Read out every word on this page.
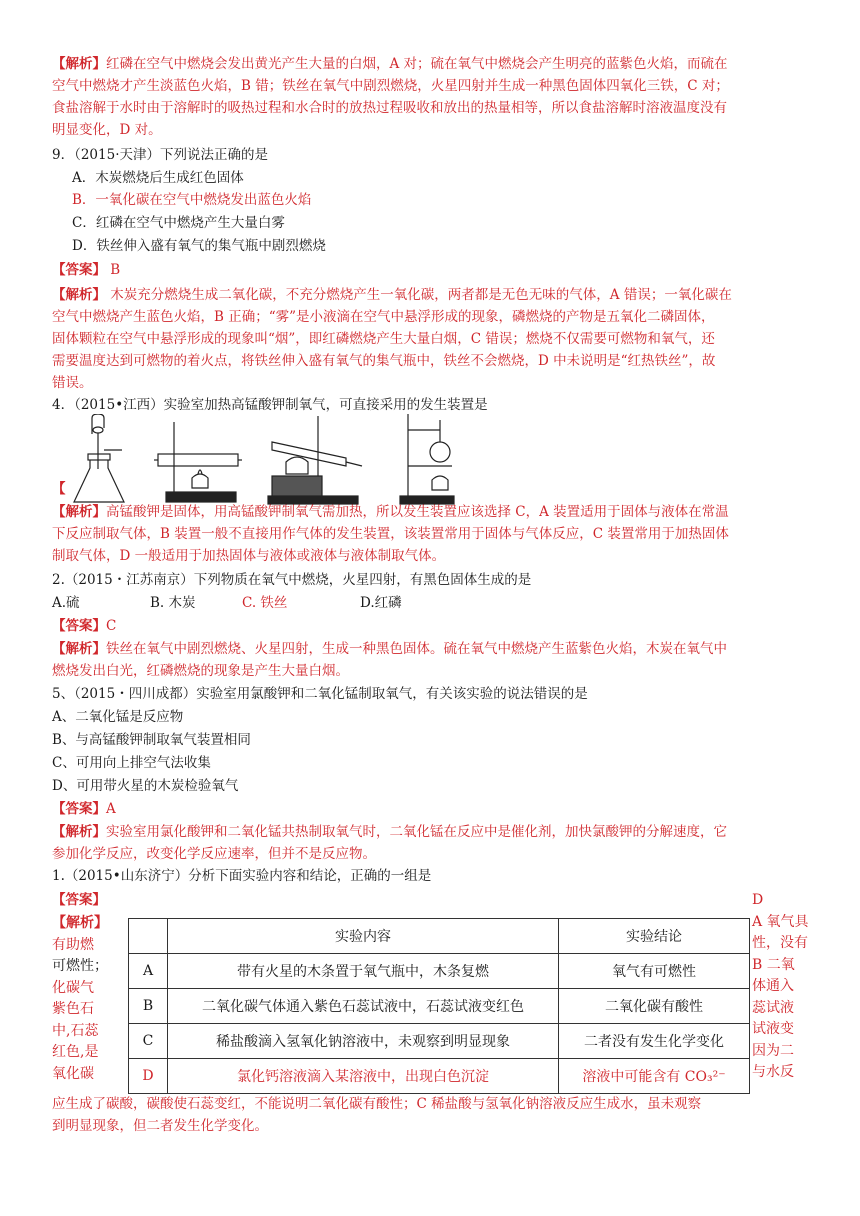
【解析】红磷在空气中燃烧会发出黄光产生大量的白烟，A 对；硫在氧气中燃烧会产生明亮的蓝紫色火焰，而硫在
空气中燃烧才产生淡蓝色火焰，B 错；铁丝在氧气中剧烈燃烧，火星四射并生成一种黑色固体四氧化三铁，C 对；
食盐溶解于水时由于溶解时的吸热过程和水合时的放热过程吸收和放出的热量相等，所以食盐溶解时溶液温度没有
明显变化，D 对。
9．（2015·天津）下列说法正确的是
A．木炭燃烧后生成红色固体
B．一氧化碳在空气中燃烧发出蓝色火焰
C．红磷在空气中燃烧产生大量白雾
D．铁丝伸入盛有氧气的集气瓶中剧烈燃烧
【答案】 B
【解析】 木炭充分燃烧生成二氧化碳，不充分燃烧产生一氧化碳，两者都是无色无味的气体，A 错误；一氧化碳在
空气中燃烧产生蓝色火焰，B 正确；“雾”是小液滴在空气中悬浮形成的现象，磷燃烧的产物是五氧化二磷固体，
固体颗粒在空气中悬浮形成的现象叫“烟”，即红磷燃烧产生大量白烟，C 错误；燃烧不仅需要可燃物和氧气，还
需要温度达到可燃物的着火点，将铁丝伸入盛有氧气的集气瓶中，铁丝不会燃烧，D 中未说明是“红热铁丝”，故
错误。
4．（2015•江西）实验室加热高锰酸钾制氧气，可直接采用的发生装置是
【
【解析】高锰酸钾是固体，用高锰酸钾制氧气需加热，所以发生装置应该选择 C，A 装置适用于固体与液体在常温
下反应制取气体，B 装置一般不直接用作气体的发生装置，该装置常用于固体与气体反应，C 装置常用于加热固体
制取气体，D 一般适用于加热固体与液体或液体与液体制取气体。
2.（2015・江苏南京）下列物质在氧气中燃烧，火星四射，有黑色固体生成的是
A.硫	B. 木炭	C. 铁丝	D.红磷
【答案】C
【解析】铁丝在氧气中剧烈燃烧、火星四射，生成一种黑色固体。硫在氧气中燃烧产生蓝紫色火焰，木炭在氧气中
燃烧发出白光，红磷燃烧的现象是产生大量白烟。
5、（2015・四川成都）实验室用氯酸钾和二氧化锰制取氧气，有关该实验的说法错误的是
A、二氧化锰是反应物
B、与高锰酸钾制取氧气装置相同
C、可用向上排空气法收集
D、可用带火星的木炭检验氧气
【答案】A
【解析】实验室用氯化酸钾和二氧化锰共热制取氧气时，二氧化锰在反应中是催化剂，加快氯酸钾的分解速度，它
参加化学反应，改变化学反应速率，但并不是反应物。
1.（2015•山东济宁）分析下面实验内容和结论，正确的一组是
【答案】
【解析】
有助燃
可燃性；
化碳气
紫色石
中,石蕊
红色,是
氧化碳
D
A 氧气具
性，没有
B 二氧
体通入
蕊试液
试液变
因为二
与水反
	实验内容	实验结论
A	带有火星的木条置于氧气瓶中，木条复燃	氧气有可燃性
B	二氧化碳气体通入紫色石蕊试液中，石蕊试液变红色	二氧化碳有酸性
C	稀盐酸滴入氢氧化钠溶液中，未观察到明显现象	二者没有发生化学变化
D	氯化钙溶液滴入某溶液中，出现白色沉淀	溶液中可能含有 CO₃²⁻
应生成了碳酸，碳酸使石蕊变红，不能说明二氧化碳有酸性；C 稀盐酸与氢氧化钠溶液反应生成水，虽未观察
到明显现象，但二者发生化学变化。
